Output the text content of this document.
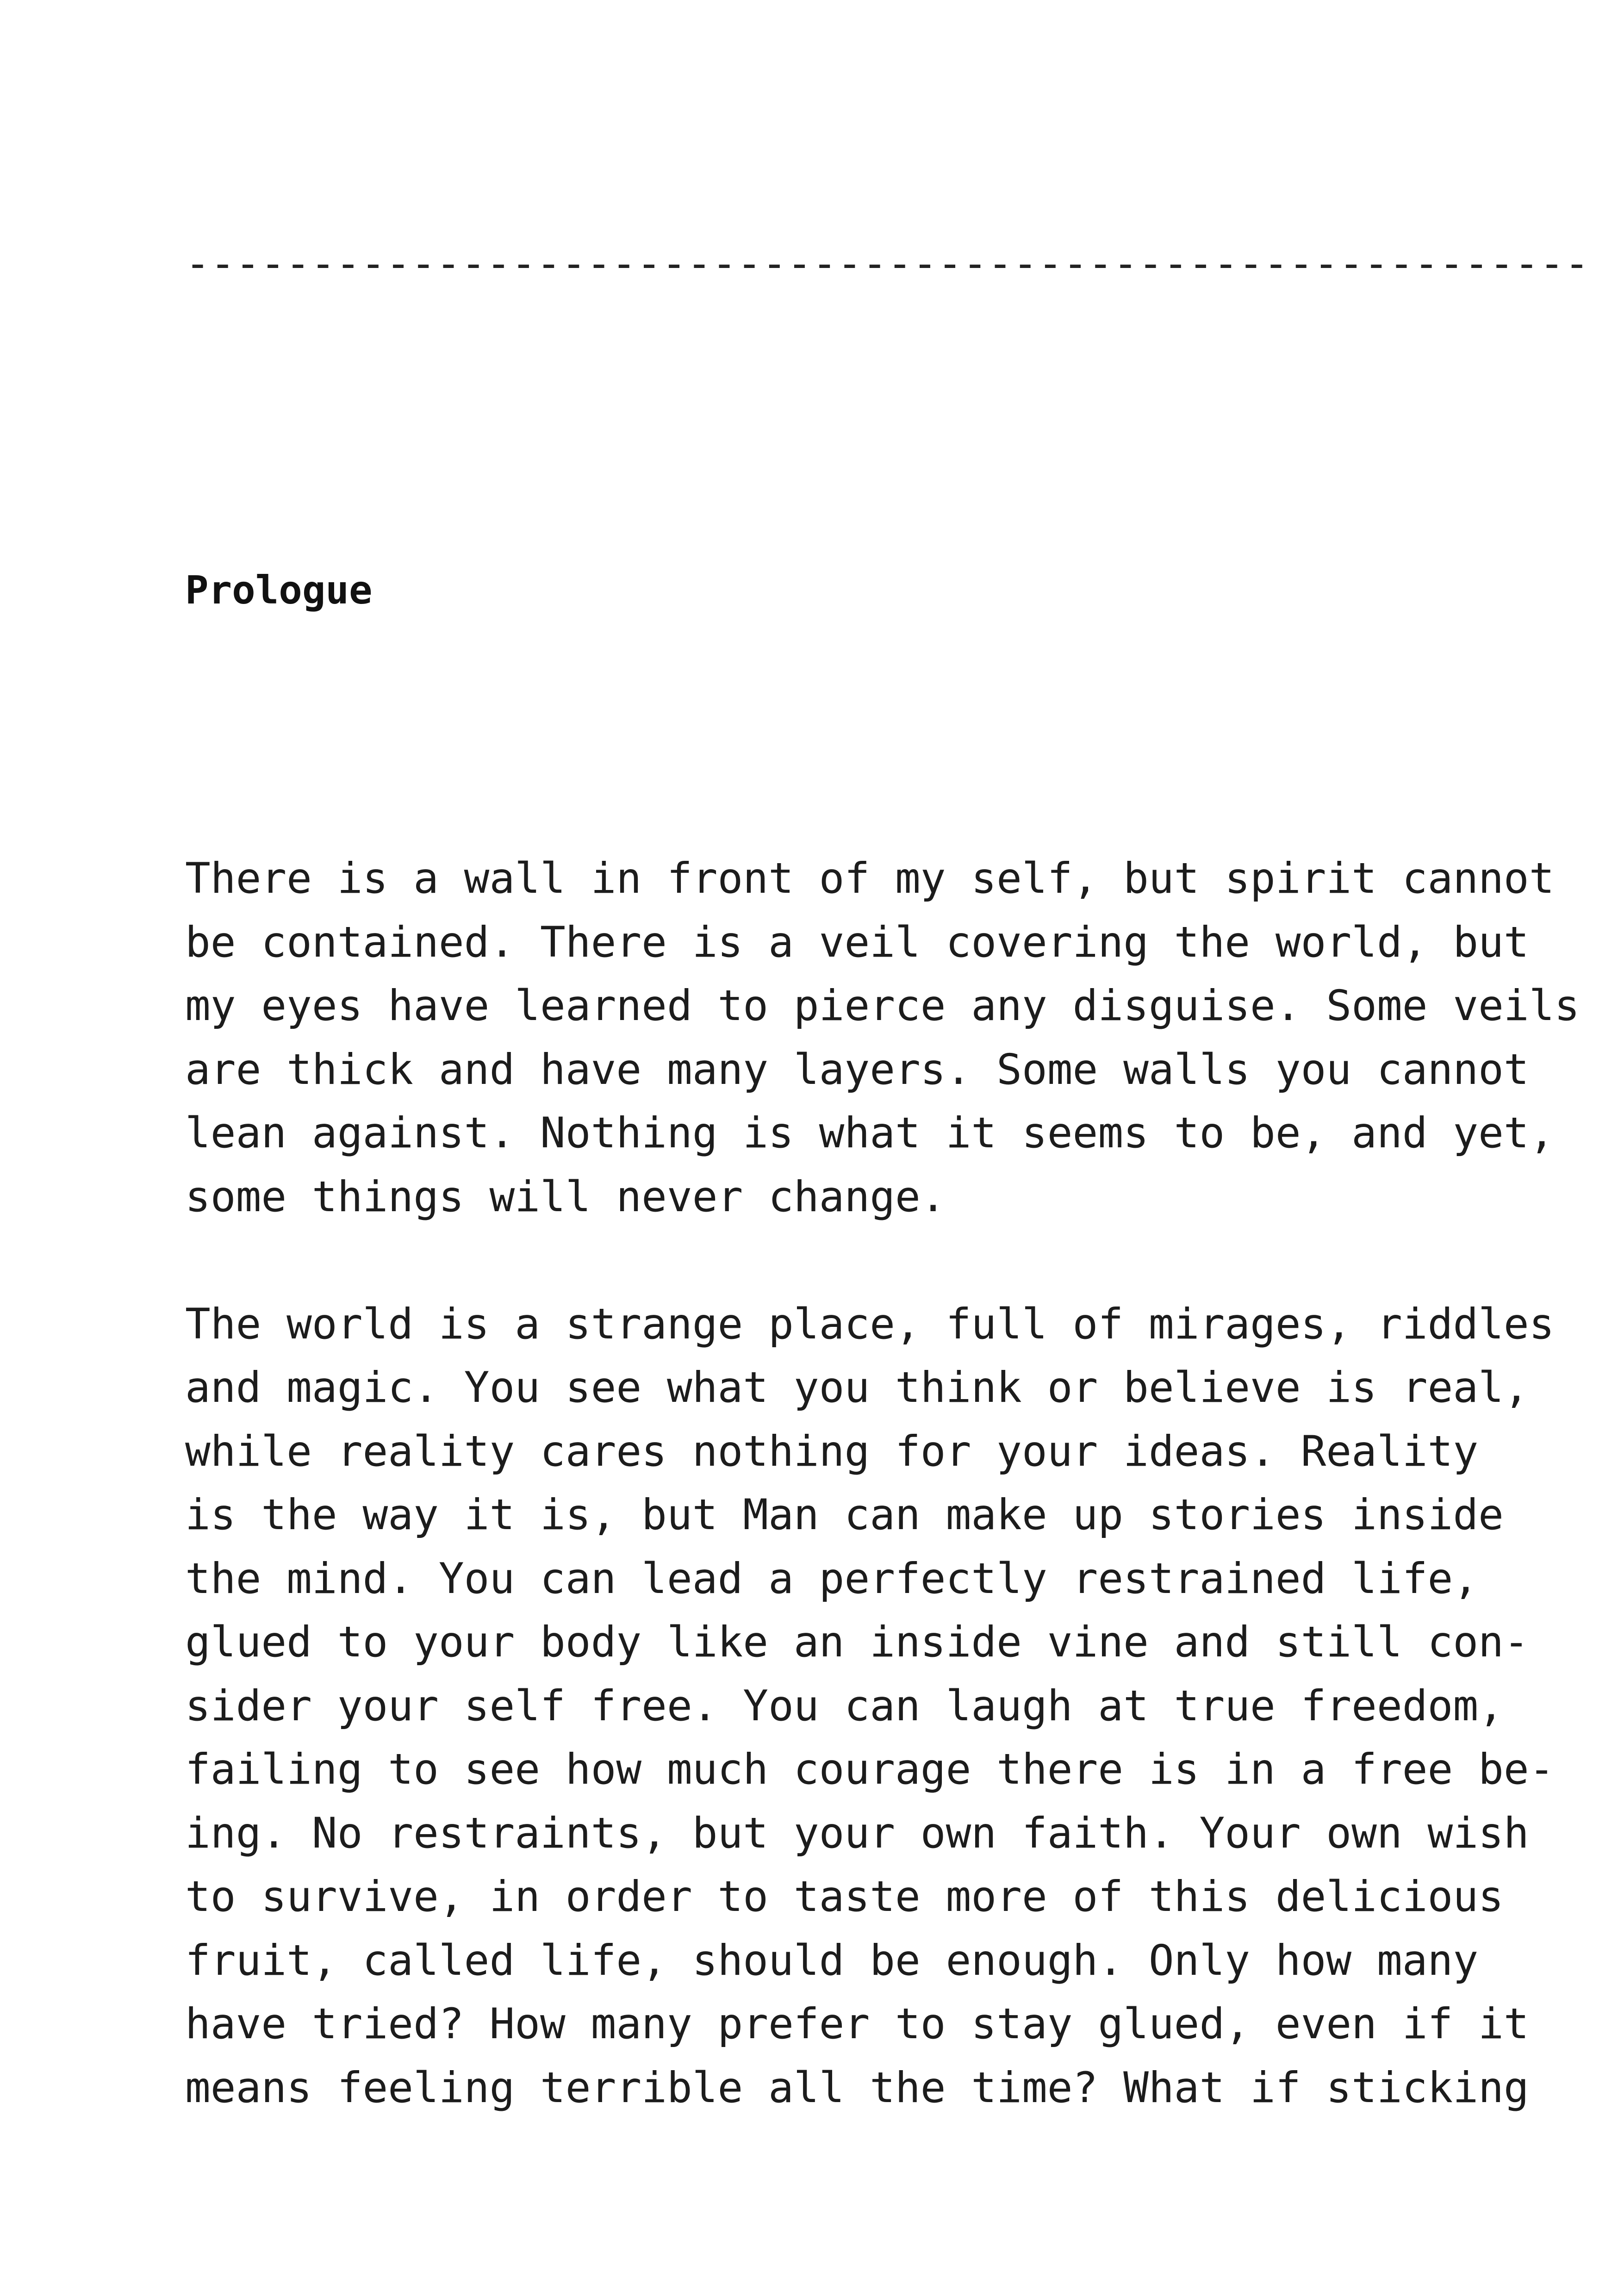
--------------------------------------------------------
Prologue

There is a wall in front of my self, but spirit cannot
be contained. There is a veil covering the world, but
my eyes have learned to pierce any disguise. Some veils
are thick and have many layers. Some walls you cannot
lean against. Nothing is what it seems to be, and yet,
some things will never change.

The world is a strange place, full of mirages, riddles
and magic. You see what you think or believe is real,
while reality cares nothing for your ideas. Reality
is the way it is, but Man can make up stories inside
the mind. You can lead a perfectly restrained life,
glued to your body like an inside vine and still con-
sider your self free. You can laugh at true freedom,
failing to see how much courage there is in a free be-
ing. No restraints, but your own faith. Your own wish
to survive, in order to taste more of this delicious
fruit, called life, should be enough. Only how many
have tried? How many prefer to stay glued, even if it
means feeling terrible all the time? What if sticking
